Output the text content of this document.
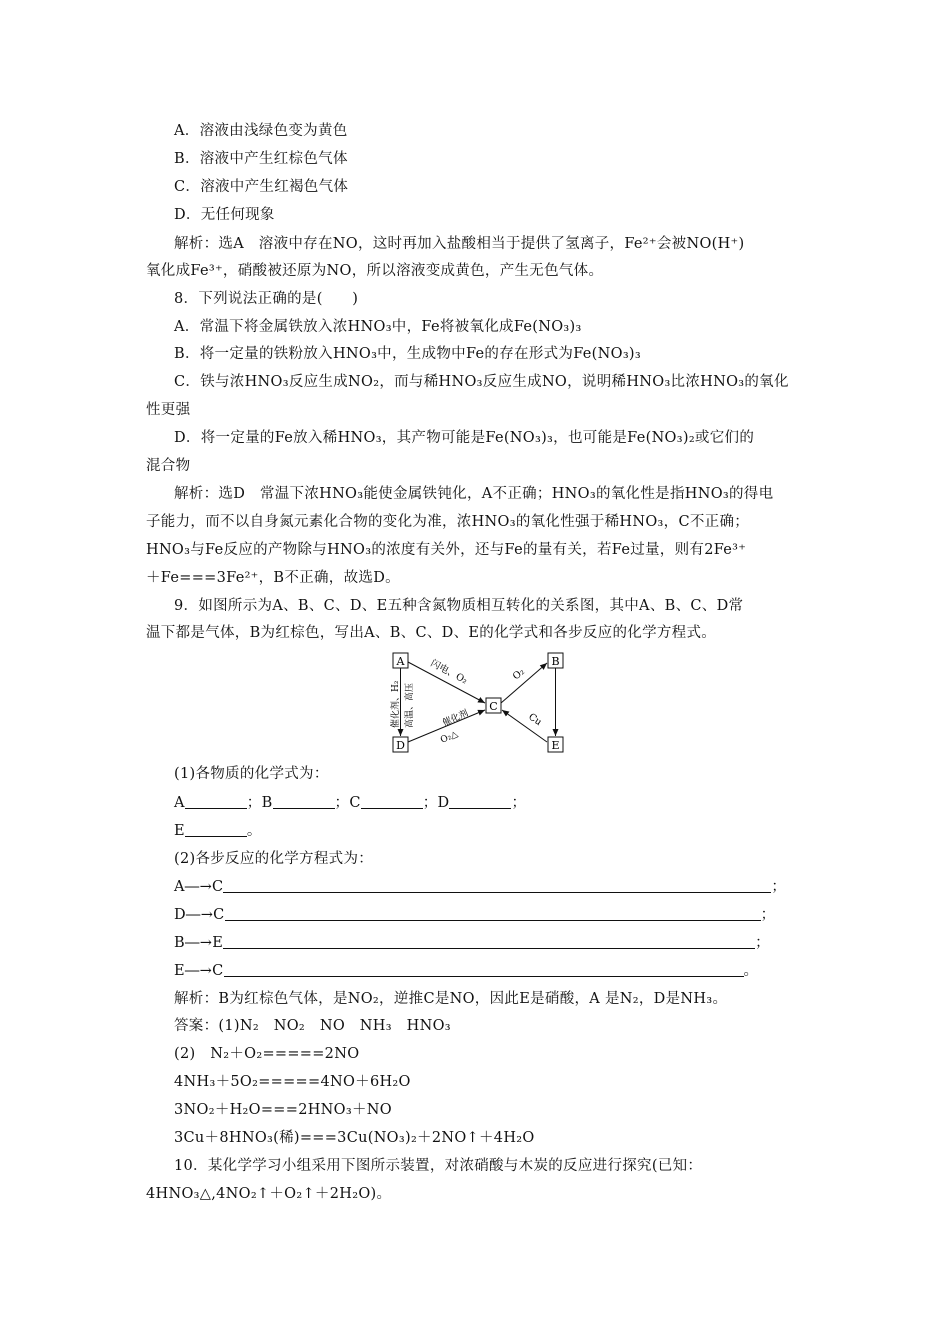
A．溶液由浅绿色变为黄色
B．溶液中产生红棕色气体
C．溶液中产生红褐色气体
D．无任何现象
解析：选A　溶液中存在NO，这时再加入盐酸相当于提供了氢离子，Fe²⁺会被NO(H⁺)
氧化成Fe³⁺，硝酸被还原为NO，所以溶液变成黄色，产生无色气体。
8．下列说法正确的是(　　)
A．常温下将金属铁放入浓HNO₃中，Fe将被氧化成Fe(NO₃)₃
B．将一定量的铁粉放入HNO₃中，生成物中Fe的存在形式为Fe(NO₃)₃
C．铁与浓HNO₃反应生成NO₂，而与稀HNO₃反应生成NO，说明稀HNO₃比浓HNO₃的氧化
性更强
D．将一定量的Fe放入稀HNO₃，其产物可能是Fe(NO₃)₃，也可能是Fe(NO₃)₂或它们的
混合物
解析：选D　常温下浓HNO₃能使金属铁钝化，A不正确；HNO₃的氧化性是指HNO₃的得电
子能力，而不以自身氮元素化合物的变化为准，浓HNO₃的氧化性强于稀HNO₃，C不正确；
HNO₃与Fe反应的产物除与HNO₃的浓度有关外，还与Fe的量有关，若Fe过量，则有2Fe³⁺
＋Fe===3Fe²⁺，B不正确，故选D。
9．如图所示为A、B、C、D、E五种含氮物质相互转化的关系图，其中A、B、C、D常
温下都是气体，B为红棕色，写出A、B、C、D、E的化学式和各步反应的化学方程式。
A	B
C
D	E
闪电、O₂	O₂
Cu
催化剂、H₂ 高温、高压	催化剂
O₂△
(1)各物质的化学式为：
A	；B	；C	；D	；
E	。
(2)各步反应的化学方程式为：
A―→C	；
D―→C	；
B―→E	；
E―→C	。
解析：B为红棕色气体，是NO₂，逆推C是NO，因此E是硝酸，A 是N₂，D是NH₃。
答案：(1)N₂　NO₂　NO　NH₃　HNO₃
(2)　N₂＋O₂=====2NO
4NH₃＋5O₂=====4NO＋6H₂O
3NO₂＋H₂O===2HNO₃＋NO
3Cu＋8HNO₃(稀)===3Cu(NO₃)₂＋2NO↑＋4H₂O
10．某化学学习小组采用下图所示装置，对浓硝酸与木炭的反应进行探究(已知：
4HNO₃△,4NO₂↑＋O₂↑＋2H₂O)。
